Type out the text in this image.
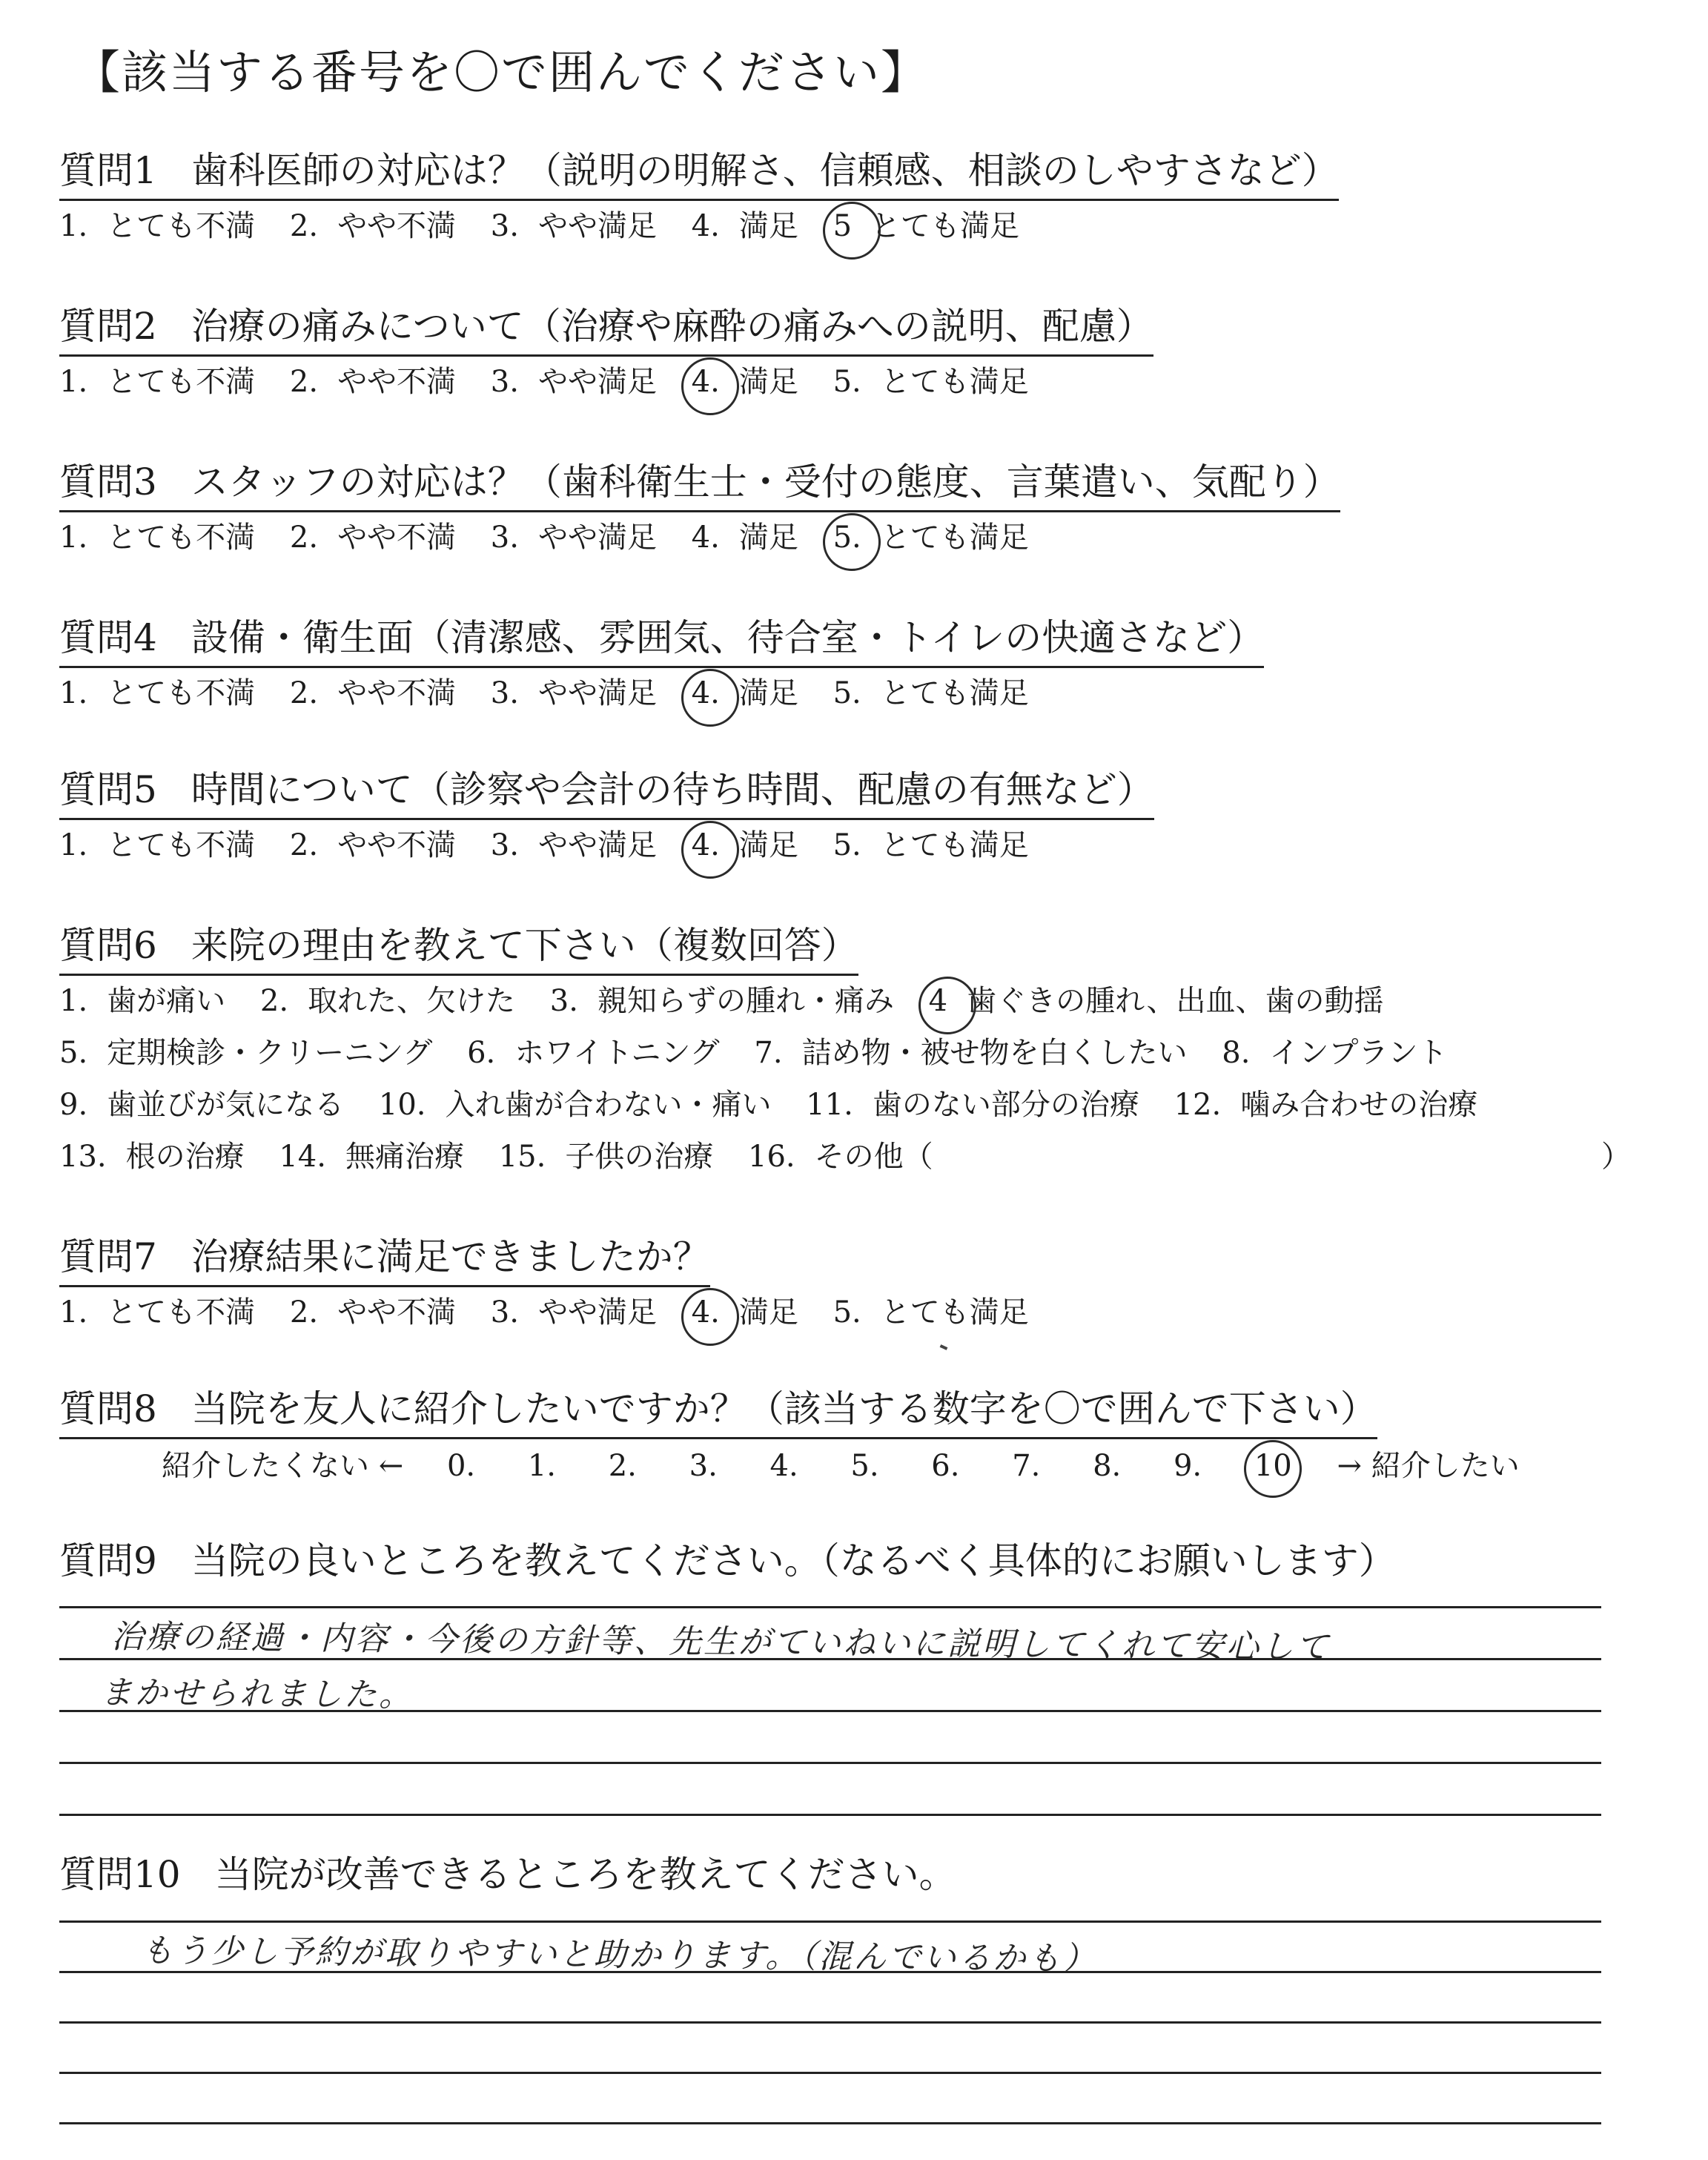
【該当する番号を〇で囲んでください】
質問1 歯科医師の対応は？（説明の明解さ、信頼感、相談のしやすさなど）
1. とても不満 2. やや不満 3. やや満足 4. 満足 5 とても満足
質問2 治療の痛みについて（治療や麻酔の痛みへの説明、配慮）
1. とても不満 2. やや不満 3. やや満足 4. 満足 5. とても満足
質問3 スタッフの対応は？（歯科衛生士・受付の態度、言葉遣い、気配り）
1. とても不満 2. やや不満 3. やや満足 4. 満足 5. とても満足
質問4 設備・衛生面（清潔感、雰囲気、待合室・トイレの快適さなど）
1. とても不満 2. やや不満 3. やや満足 4. 満足 5. とても満足
質問5 時間について（診察や会計の待ち時間、配慮の有無など）
1. とても不満 2. やや不満 3. やや満足 4. 満足 5. とても満足
質問6 来院の理由を教えて下さい（複数回答）
1. 歯が痛い 2. 取れた、欠けた 3. 親知らずの腫れ・痛み 4 歯ぐきの腫れ、出血、歯の動揺
5. 定期検診・クリーニング 6. ホワイトニング 7. 詰め物・被せ物を白くしたい 8. インプラント
9. 歯並びが気になる 10. 入れ歯が合わない・痛い 11. 歯のない部分の治療 12. 噛み合わせの治療
13. 根の治療 14. 無痛治療 15. 子供の治療 16. その他（	）
質問7 治療結果に満足できましたか？
1. とても不満 2. やや不満 3. やや満足 4. 満足 5. とても満足
質問8 当院を友人に紹介したいですか？（該当する数字を〇で囲んで下さい）
紹介したくない ← 0. 1. 2. 3. 4. 5. 6. 7. 8. 9. 10 → 紹介したい
質問9 当院の良いところを教えてください。（なるべく具体的にお願いします）
治療の経過・内容・今後の方針等、先生がていねいに説明してくれて安心して
まかせられました。
質問10 当院が改善できるところを教えてください。
もう少し予約が取りやすいと助かります。（混んでいるかも）
